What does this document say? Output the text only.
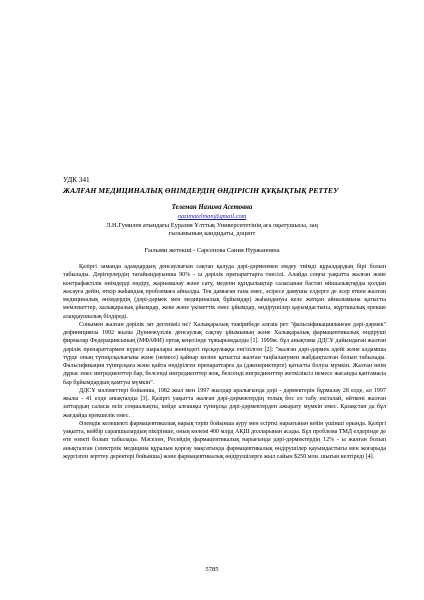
УДК 341
ЖАЛҒАН МЕДИЦИНАЛЫҚ ӨНІМДЕРДІҢ ӨНДІРІСІН ҚҰҚЫҚТЫҚ РЕТТЕУ
Телеман Назима Асетовна
nazimatelman@gmail.com
Л.Н.Гумилев атындағы Еуразия Ұлттық Университетінің аға оқытушысы, заң
ғылымының кандидаты, доцент
Ғылыми жетекші - Сарсенова Сания Нуржановна

Қазіргі заманда адамдардың денсаулығын сақтап қалуда дәрі-дәрменмен емдеу тиімді құралдардың бірі болып табылады. Дәрігерлердің тағайындауынша 90% - ы дәрілік препараттарға тиесілі. Алайда соңғы уақытта жалған және контрафактілік өнімдерді өндіру, жарнамалау және сату, медени құндылықтар саласынан бастап өйшылықтарды қолдан жасауға дейін, өткір жаһандық проблемаға айналды. Тек дамыған ғана емес, әсіресе дамушы елдерге де әсер еткен жалған медициналық өнімдердің (дәрі-дәрмек мен медициналық бұйымдар) жаһандануы келе жатқан айналымына қатысты мемлекеттер, халықаралық ұйымдар, жеке және үкіметтік емес ұйымдар, өндірушілер қауымдастығы, жұртшылық ерекше алаңдаушылық білдіреді.

Сонымен жалған дәрілік зат дегеніміз не? Халықаралық тәжірибеде алғаш рет "фальсификацияланған дәрі-дәрмек" дефинициясы 1992 жылы Дүниежүзілік денсаулық сақтау ұйымының және Халықаралық фармацевтикалық өндіруші фирмалар Федерациясының (МФАФИ) ортақ кеңесінде тұжырымдалды [1]. 1999ж. бұл анықтама ДДСҰ дайындаған жалған дәрілік препараттармен күресу шаралары жөніндегі нұсқаулыққа енгізілген [2]: "жалған дәрі-дәрмек әдейі және алдамшы түрде оның түпнұсқалығына және (немесе) қайнар көзіне қатысты жалған таңбаланумен жабдықталған болып табылады. Фальсификация түпнұсқаға және қайта өндірілген препараттарға да (дженериктерге) қатысты болуы мүмкін. Жалған өнім дұрыс емес ингредиенттер бар, белсенді ингредиенттер жоқ, белсенді ингредиенттер жеткіліксіз немесе жасанды қаптамасы бар бұйымдардың қамтуы мүмкін".

ДДСҰ мәліметтері бойынша, 1982 жыл мен 1997 жылдар аралығында дәрі - дәрмектерін бұрмалау 28 елде, ал 1997 жылы - 41 елде анықталды [3]. Қазіргі уақытта жалған дәрі-дәрмектердің толық бос ел табу екіталай, өйткені жалған заттардың саласы өсіп соңшалықты, кейде алғашқы түпнұсқа дәрі-дәрмектерден ажырату мүмкін емес. Қазақстан да бұл жағдайда ерекшелік емес.

Әлемдік келешекті фармацевтикалық нарық тәріп бойынша ауру мен есірткі нарығынан кейін үшінші орында. Қазіргі уақытта, кейбір сарапшылардың пікірінше, оның көлемі 400 млрд АҚШ долларынан асады. Бұл проблема ТМД елдерінде де өте өзекті болып табылады. Мәселен, Ресейдің фармацевтикалық нарығында дәрі-дәрмектердің 12% - ы жалған болып анықталған (электрлік медицина құралын қорғау мақсатында фармацевтикалық өндірушілер қауымдастығы мен жоғарыда жүргізген зерттеу деректері бойынша) және фармацевтикалық өндірушілерге жыл сайын $250 млн. шығын келтіреді [4].

5785
